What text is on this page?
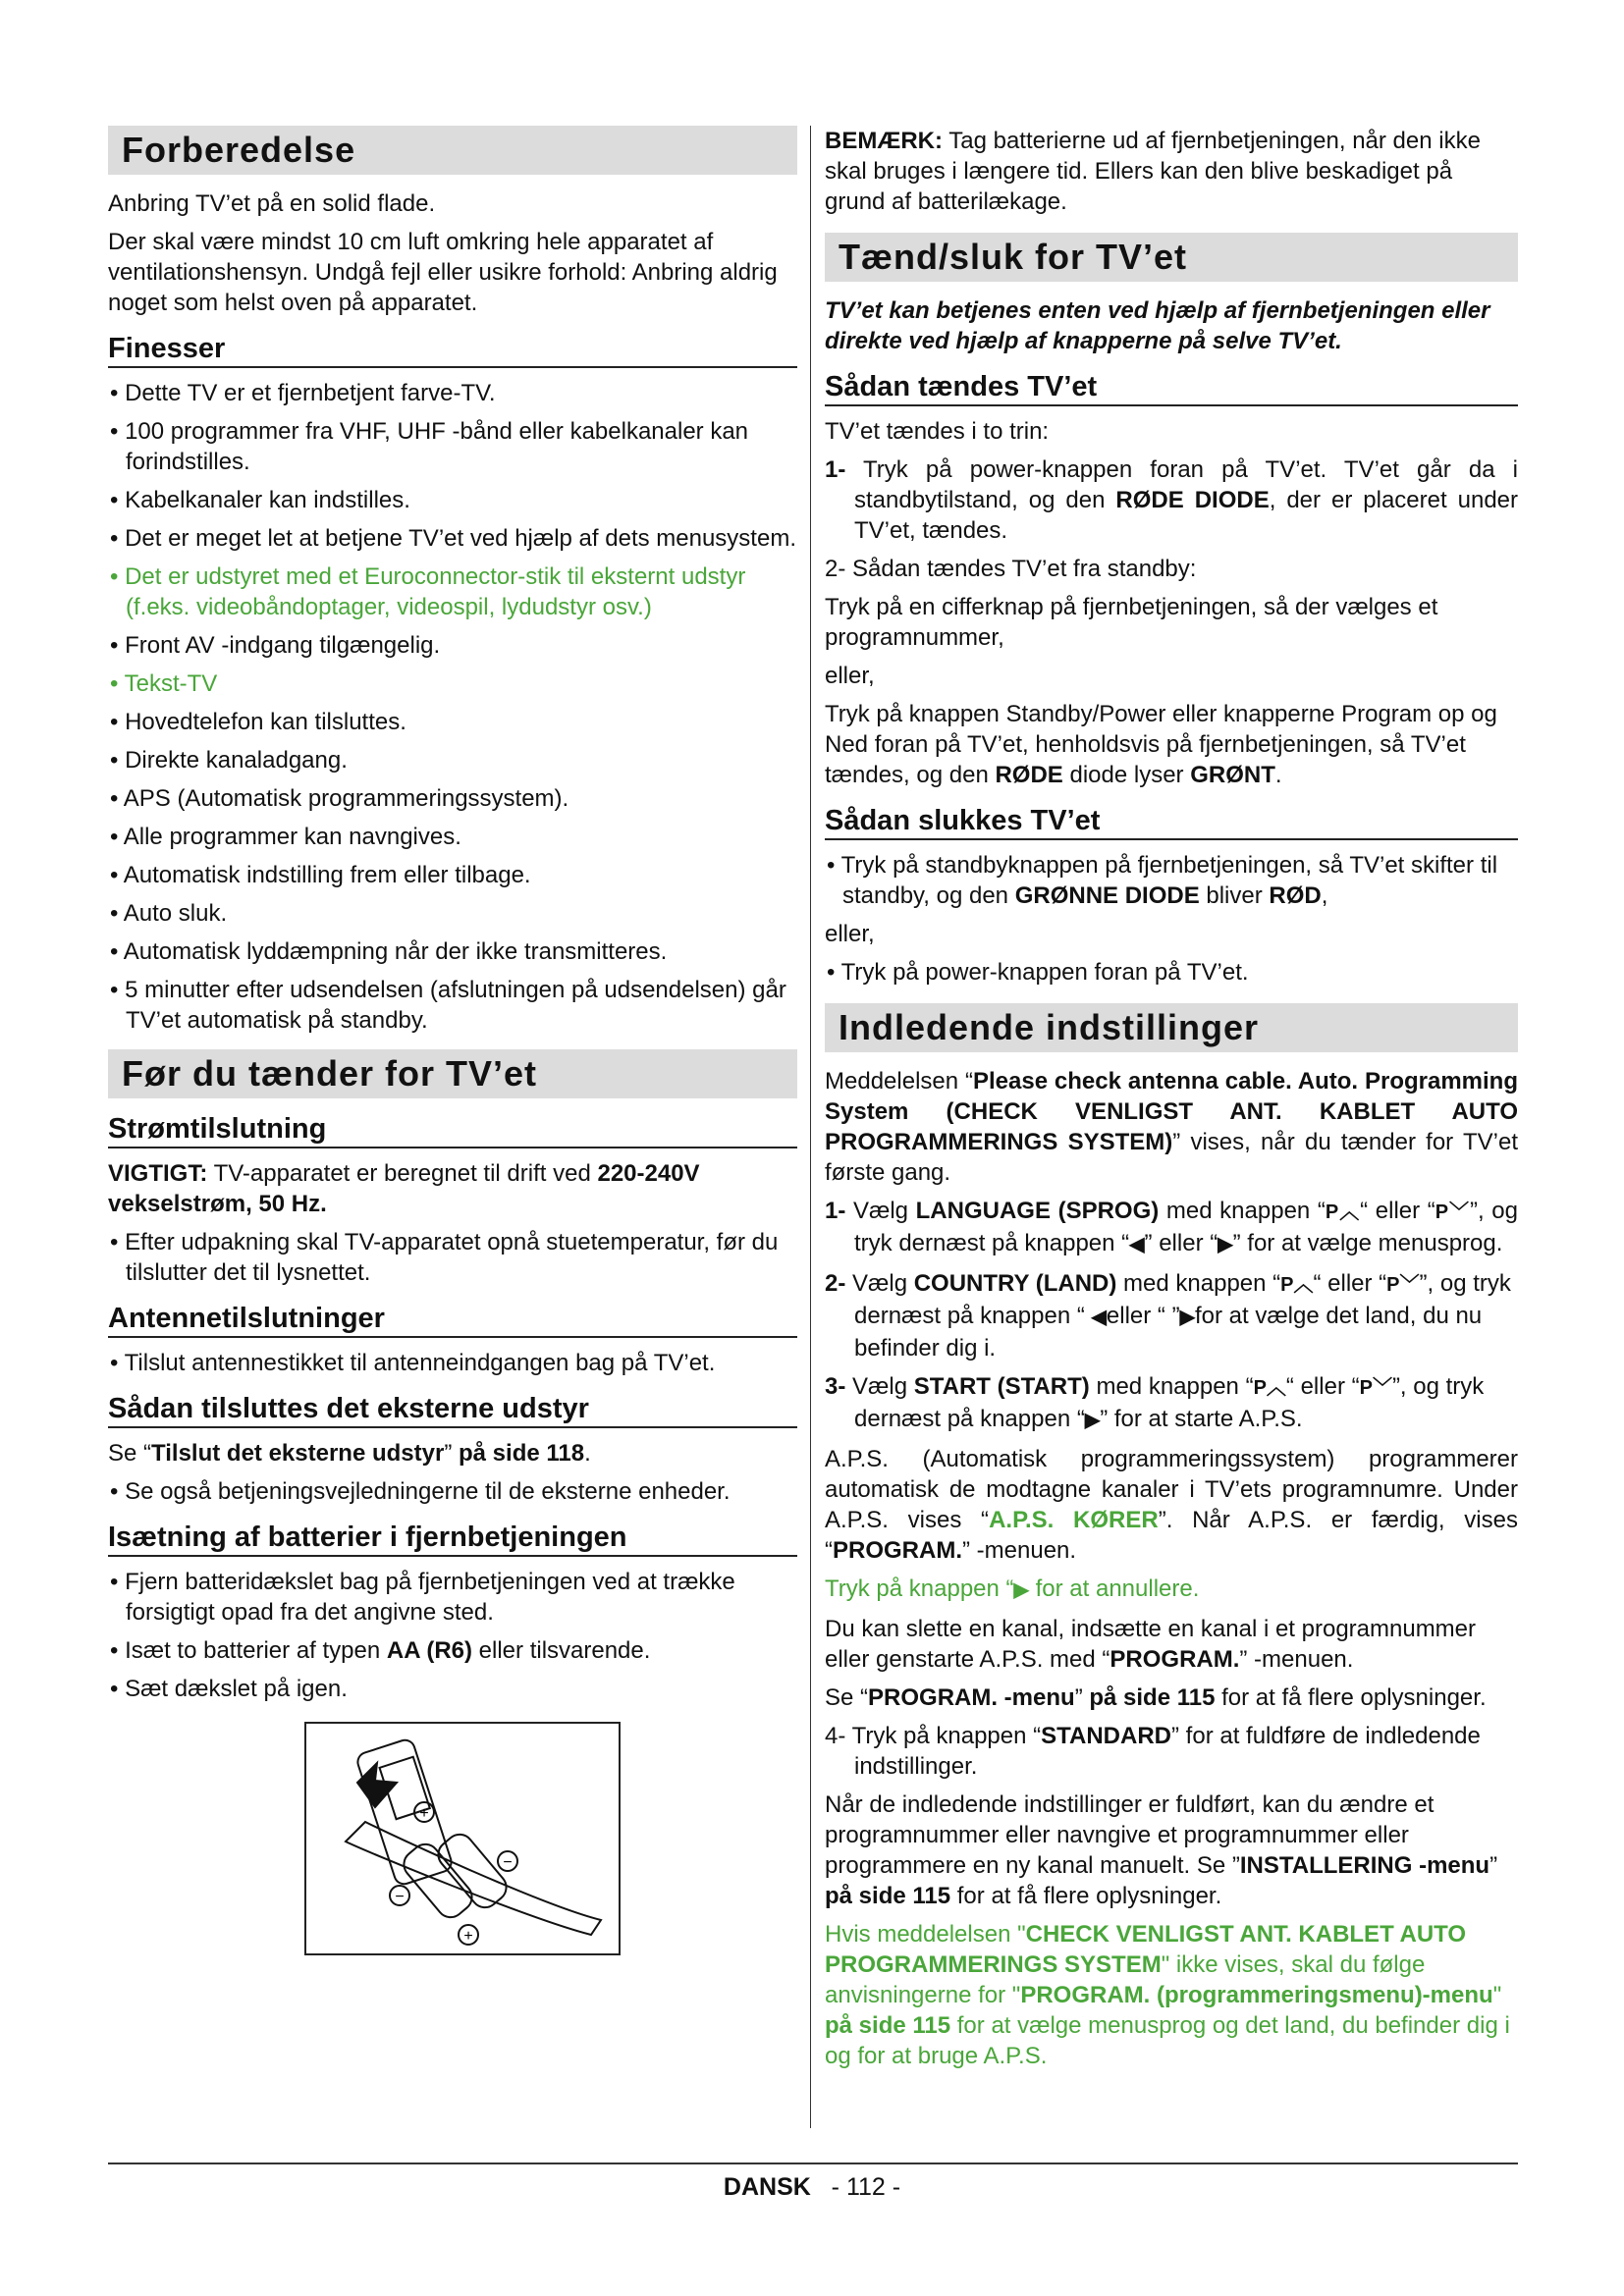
Forberedelse

Anbring TV’et på en solid flade.

Der skal være mindst 10 cm luft omkring hele apparatet af ventilationshensyn. Undgå fejl eller usikre forhold: Anbring aldrig noget som helst oven på apparatet.

Finesser
• Dette TV er et fjernbetjent farve-TV.
• 100 programmer fra VHF, UHF -bånd eller kabelkanaler kan forindstilles.
• Kabelkanaler kan indstilles.
• Det er meget let at betjene TV’et ved hjælp af dets menusystem.
• Det er udstyret med et Euroconnector-stik til eksternt udstyr (f.eks. videobåndoptager, videospil, lydudstyr osv.)
• Front AV -indgang tilgængelig.
• Tekst-TV
• Hovedtelefon kan tilsluttes.
• Direkte kanaladgang.
• APS (Automatisk programmeringssystem).
• Alle programmer kan navngives.
• Automatisk indstilling frem eller tilbage.
• Auto sluk.
• Automatisk lyddæmpning når der ikke transmitteres.
• 5 minutter efter udsendelsen (afslutningen på udsendelsen) går TV’et automatisk på standby.
Før du tænder for TV’et
Strømtilslutning

VIGTIGT: TV-apparatet er beregnet til drift ved 220-240V vekselstrøm, 50 Hz.

• Efter udpakning skal TV-apparatet opnå stuetemperatur, før du tilslutter det til lysnettet.
Antennetilslutninger
• Tilslut antennestikket til antenneindgangen bag på TV’et.
Sådan tilsluttes det eksterne udstyr

Se “Tilslut det eksterne udstyr” på side 118.

• Se også betjeningsvejledningerne til de eksterne enheder.
Isætning af batterier i fjernbetjeningen
• Fjern batteridækslet bag på fjernbetjeningen ved at trække forsigtigt opad fra det angivne sted.
• Isæt to batterier af typen AA (R6) eller tilsvarende.
• Sæt dækslet på igen.
+
−
−
+

BEMÆRK: Tag batterierne ud af fjernbetjeningen, når den ikke skal bruges i længere tid. Ellers kan den blive beskadiget på grund af batterilækage.

Tænd/sluk for TV’et

TV’et kan betjenes enten ved hjælp af fjernbetjeningen eller direkte ved hjælp af knapperne på selve TV’et.

Sådan tændes TV’et

TV’et tændes i to trin:

1- Tryk på power-knappen foran på TV’et. TV’et går da i standbytilstand, og den RØDE DIODE, der er placeret under TV’et, tændes.

2- Sådan tændes TV’et fra standby:

Tryk på en cifferknap på fjernbetjeningen, så der vælges et programnummer,

eller,

Tryk på knappen Standby/Power eller knapperne Program op og Ned foran på TV’et, henholdsvis på fjernbetjeningen, så TV’et tændes, og den RØDE diode lyser GRØNT.

Sådan slukkes TV’et
• Tryk på standbyknappen på fjernbetjeningen, så TV’et skifter til standby, og den GRØNNE DIODE bliver RØD,

eller,

• Tryk på power-knappen foran på TV’et.
Indledende indstillinger

Meddelelsen “Please check antenna cable. Auto. Programming System (CHECK VENLIGST ANT. KABLET AUTO PROGRAMMERINGS SYSTEM)” vises, når du tænder for TV’et første gang.

1- Vælg LANGUAGE (SPROG) med knappen “P︿“ eller “P﹀”, og tryk dernæst på knappen “◀” eller “▶” for at vælge menusprog.
2- Vælg COUNTRY (LAND) med knappen “P︿“ eller “P﹀”, og tryk dernæst på knappen “ ◀eller “ ”▶for at vælge det land, du nu befinder dig i.
3- Vælg START (START) med knappen “P︿“ eller “P﹀”, og tryk dernæst på knappen “▶” for at starte A.P.S.

A.P.S. (Automatisk programmeringssystem) programmerer automatisk de modtagne kanaler i TV’ets programnumre. Under A.P.S. vises “A.P.S. KØRER”. Når A.P.S. er færdig, vises “PROGRAM.” -menuen.

Tryk på knappen “▶ for at annullere.

Du kan slette en kanal, indsætte en kanal i et programnummer eller genstarte A.P.S. med “PROGRAM.” -menuen.

Se “PROGRAM. -menu” på side 115 for at få flere oplysninger.

4- Tryk på knappen “STANDARD” for at fuldføre de indledende indstillinger.

Når de indledende indstillinger er fuldført, kan du ændre et programnummer eller navngive et programnummer eller programmere en ny kanal manuelt. Se ”INSTALLERING -menu” på side 115 for at få flere oplysninger.

Hvis meddelelsen "CHECK VENLIGST ANT. KABLET AUTO PROGRAMMERINGS SYSTEM" ikke vises, skal du følge anvisningerne for "PROGRAM. (programmeringsmenu)-menu" på side 115 for at vælge menusprog og det land, du befinder dig i og for at bruge A.P.S.

DANSK - 112 -
